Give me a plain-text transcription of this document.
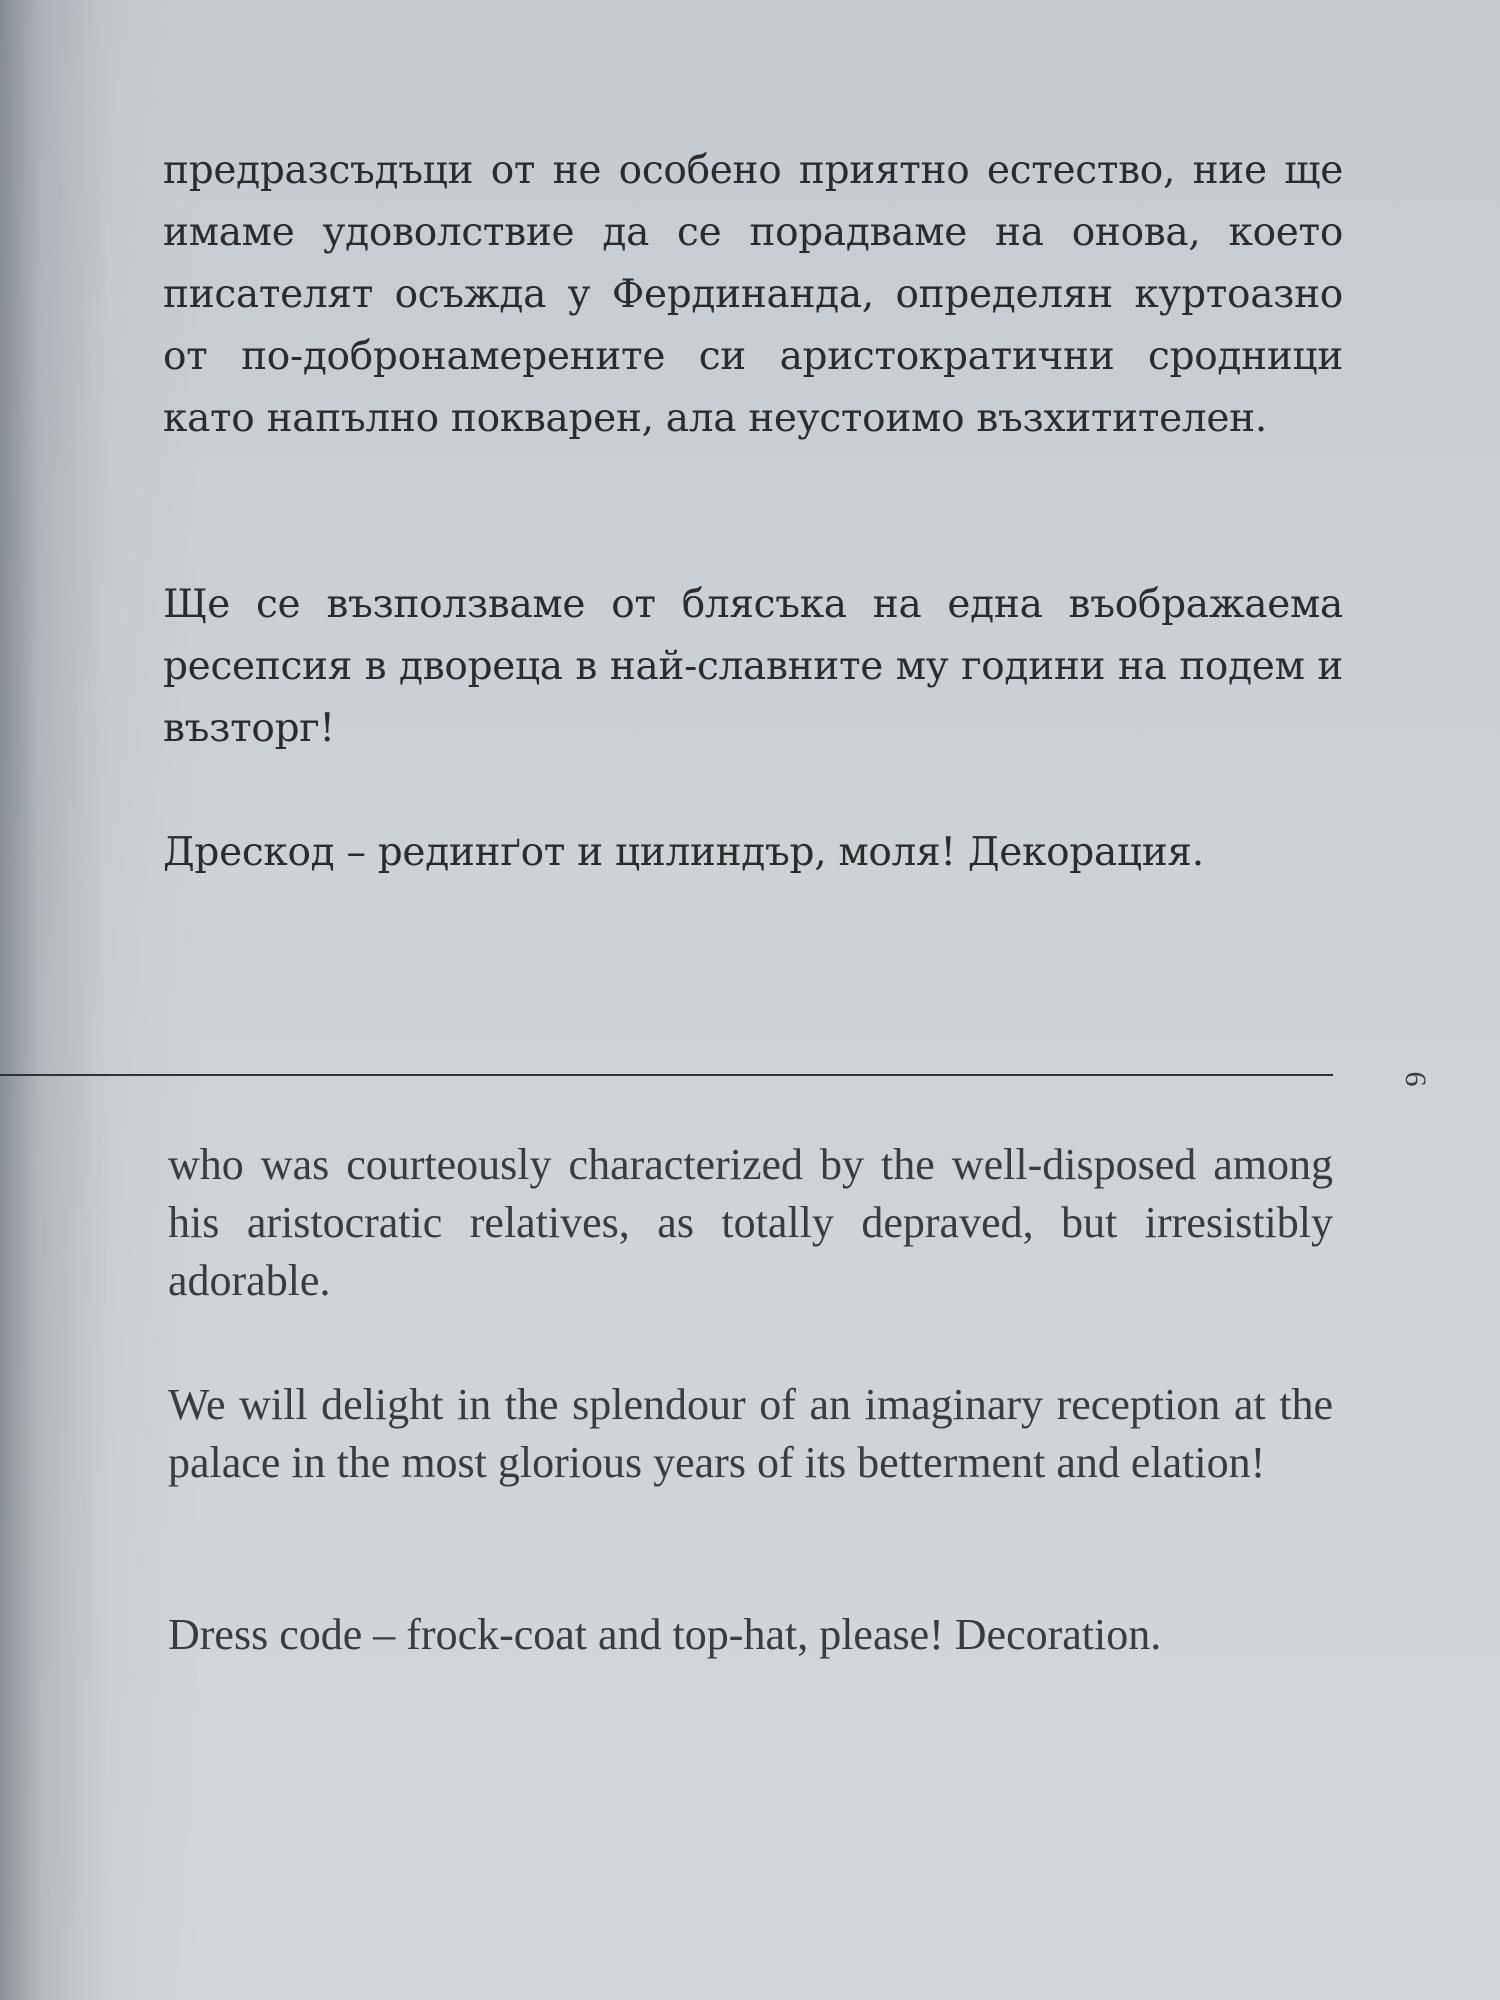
предразсъдъци от не особено приятно естество, ние ще имаме удоволствие да се порадваме на онова, което писателят осъжда у Фердинанда, определян куртоазно от по-добронамерените си аристократични сродници като напълно покварен, ала неустоимо възхитителен.

Ще се възползваме от блясъка на една въображаема ресепсия в двореца в най-славните му години на подем и възторг!

Дрескод – рединґот и цилиндър, моля! Декорация.

6

who was courteously characterized by the well-disposed among his aristocratic relatives, as totally depraved, but irresistibly adorable.

We will delight in the splendour of an imaginary reception at the palace in the most glorious years of its betterment and elation!

Dress code – frock-coat and top-hat, please! Decoration.
